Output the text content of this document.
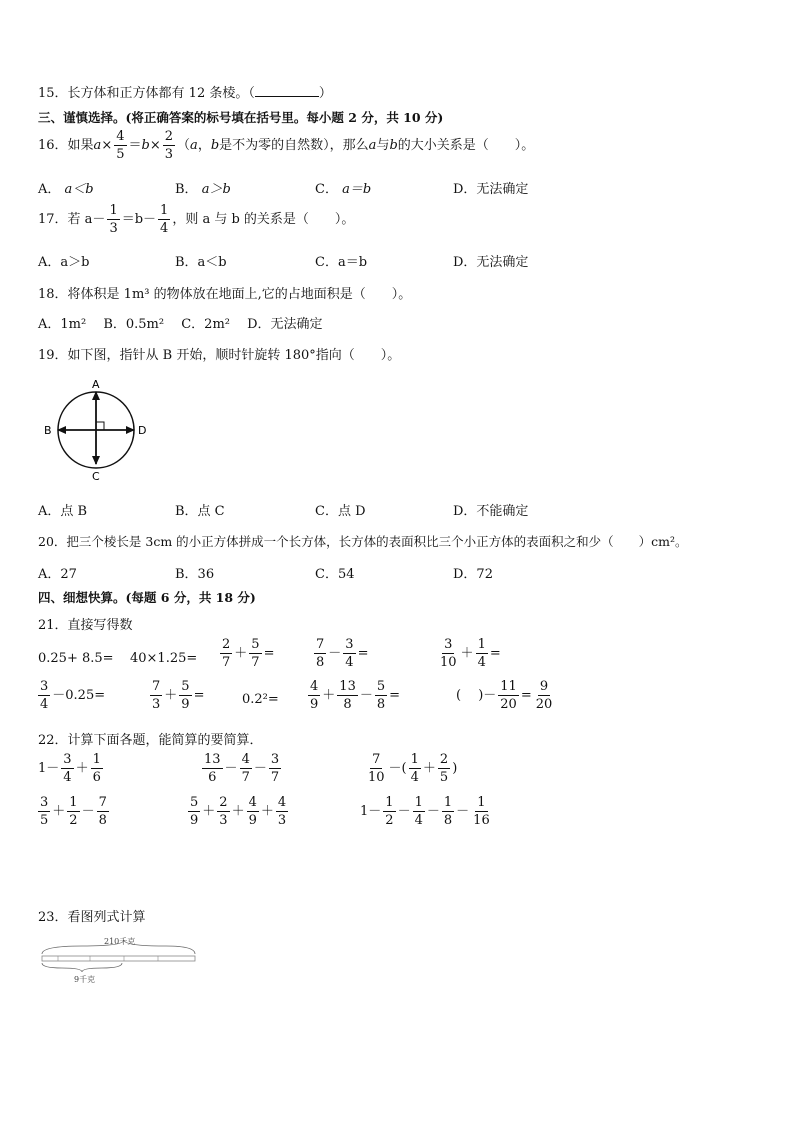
15．长方体和正方体都有 12 条棱。（	）
三、谨慎选择。(将正确答案的标号填在括号里。每小题 2 分，共 10 分)
16．如果$a\times \frac{4}{5} =b\times \frac{2}{3} (a$，b是不为零的自然数），那么a与b的大小关系是（　　）。
A． a＜b	B． a＞b	C． a＝b	D．无法确定
17．若 $a- \frac{1}{3} =b- \frac{1}{4}$ ，则 a 与 b 的关系是（　　）。
A．a＞b	B．a＜b	C．a＝b	D．无法确定
18．将体积是 1m³ 的物体放在地面上,它的占地面积是（　　）。
A．1m²　 B．0.5m²　 C．2m²　 D．无法确定
19．如下图，指针从 B 开始，顺时针旋转 180°指向（　　）。
A
B
C
D
A．点 B	B．点 C	C．点 D	D．不能确定
20．把三个棱长是 3cm 的小正方体拼成一个长方体，长方体的表面积比三个小正方体的表面积之和少（　　）cm²。
A．27	B．36	C．54	D．72
四、细想快算。(每题 6 分，共 18 分)
21．直接写得数
$0.25+ 8.5= 40\times 1.25= \frac{2}{7} + \frac{5}{7}$ =	$\frac{7}{8} - \frac{3}{4}$ =	$\frac{3}{10} + \frac{1}{4}$ =
$\frac{3}{4} -0.25=$	$\frac{7}{3} + \frac{5}{9}$ =	$0.2^2= \frac{4}{9} + \frac{13}{8} - \frac{5}{8}$ =	(　 )－ $\frac{11}{20} = \frac{9}{20}$
22．计算下面各题，能简算的要简算．
$1- \frac{3}{4} + \frac{1}{6}$	$\frac{13}{6} - \frac{4}{7} - \frac{3}{7}$	$\frac{7}{10}$ －( $\frac{1}{4} + \frac{2}{5}$ )
$\frac{3}{5} + \frac{1}{2} - \frac{7}{8}$	$\frac{5}{9} + \frac{2}{3} + \frac{4}{9} + \frac{4}{3}$	$1- \frac{1}{2} - \frac{1}{4} - \frac{1}{8} - \frac{1}{16}$
23．看图列式计算
210千克
9千克
